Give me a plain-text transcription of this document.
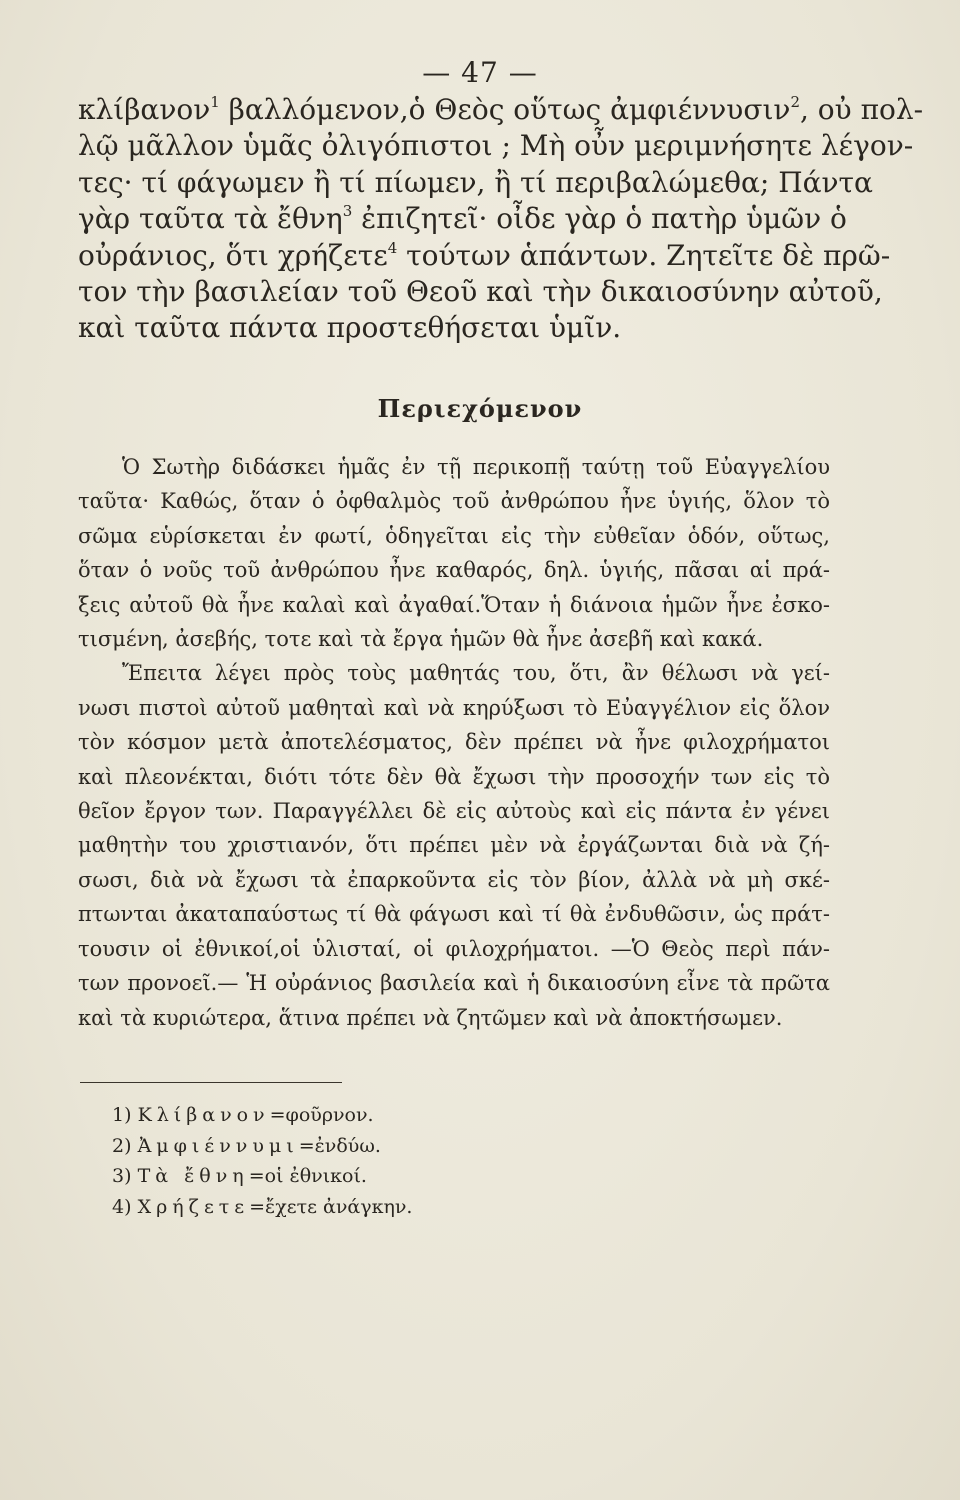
— 47 —
κλίβανον$^1$ βαλλόμενον,ὁ Θεὸς οὕτως ἀμφιέννυσιν$^2$, οὐ πολ-
λῷ μᾶλλον ὑμᾶς ὀλιγόπιστοι ; Μὴ οὖν μεριμνήσητε λέγον-
τες· τί φάγωμεν ἢ τί πίωμεν, ἢ τί περιβαλώμεθα; Πάντα
γὰρ ταῦτα τὰ ἔθνη$^3$ ἐπιζητεῖ· οἶδε γὰρ ὁ πατὴρ ὑμῶν ὁ
οὐράνιος, ὅτι χρήζετε$^4$ τούτων ἁπάντων. Ζητεῖτε δὲ πρῶ-
τον τὴν βασιλείαν τοῦ Θεοῦ καὶ τὴν δικαιοσύνην αὐτοῦ,
καὶ ταῦτα πάντα προστεθήσεται ὑμῖν.
Περιεχόμενον
Ὁ Σωτὴρ διδάσκει ἡμᾶς ἐν τῇ περικοπῇ ταύτῃ τοῦ Εὐαγγελίου
ταῦτα· Καθώς, ὅταν ὁ ὀφθαλμὸς τοῦ ἀνθρώπου ἦνε ὑγιής, ὅλον τὸ
σῶμα εὑρίσκεται ἐν φωτί, ὁδηγεῖται εἰς τὴν εὐθεῖαν ὁδόν, οὕτως,
ὅταν ὁ νοῦς τοῦ ἀνθρώπου ἦνε καθαρός, δηλ. ὑγιής, πᾶσαι αἱ πρά-
ξεις αὐτοῦ θὰ ἦνε καλαὶ καὶ ἀγαθαί.Ὅταν ἡ διάνοια ἡμῶν ἦνε ἐσκο-
τισμένη, ἀσεβής, τοτε καὶ τὰ ἔργα ἡμῶν θὰ ἦνε ἀσεβῆ καὶ κακά.
Ἔπειτα λέγει πρὸς τοὺς μαθητάς του, ὅτι, ἂν θέλωσι νὰ γεί-
νωσι πιστοὶ αὐτοῦ μαθηταὶ καὶ νὰ κηρύξωσι τὸ Εὐαγγέλιον εἰς ὅλον
τὸν κόσμον μετὰ ἀποτελέσματος, δὲν πρέπει νὰ ἦνε φιλοχρήματοι
καὶ πλεονέκται, διότι τότε δὲν θὰ ἔχωσι τὴν προσοχήν των εἰς τὸ
θεῖον ἔργον των. Παραγγέλλει δὲ εἰς αὐτοὺς καὶ εἰς πάντα ἐν γένει
μαθητὴν του χριστιανόν, ὅτι πρέπει μὲν νὰ ἐργάζωνται διὰ νὰ ζή-
σωσι, διὰ νὰ ἔχωσι τὰ ἐπαρκοῦντα εἰς τὸν βίον, ἀλλὰ νὰ μὴ σκέ-
πτωνται ἀκαταπαύστως τί θὰ φάγωσι καὶ τί θὰ ἐνδυθῶσιν, ὡς πράτ-
τουσιν οἱ ἐθνικοί,οἱ ὑλισταί, οἱ φιλοχρήματοι. —Ὁ Θεὸς περὶ πάν-
των προνοεῖ.— Ἡ οὐράνιος βασιλεία καὶ ἡ δικαιοσύνη εἶνε τὰ πρῶτα
καὶ τὰ κυριώτερα, ἅτινα πρέπει νὰ ζητῶμεν καὶ νὰ ἀποκτήσωμεν.
1) Κλίβανον=φοῦρνον.
2) Ἀμφιέννυμι=ἐνδύω.
3) Τὰ ἔθνη=οἱ ἐθνικοί.
4) Χρήζετε=ἔχετε ἀνάγκην.
